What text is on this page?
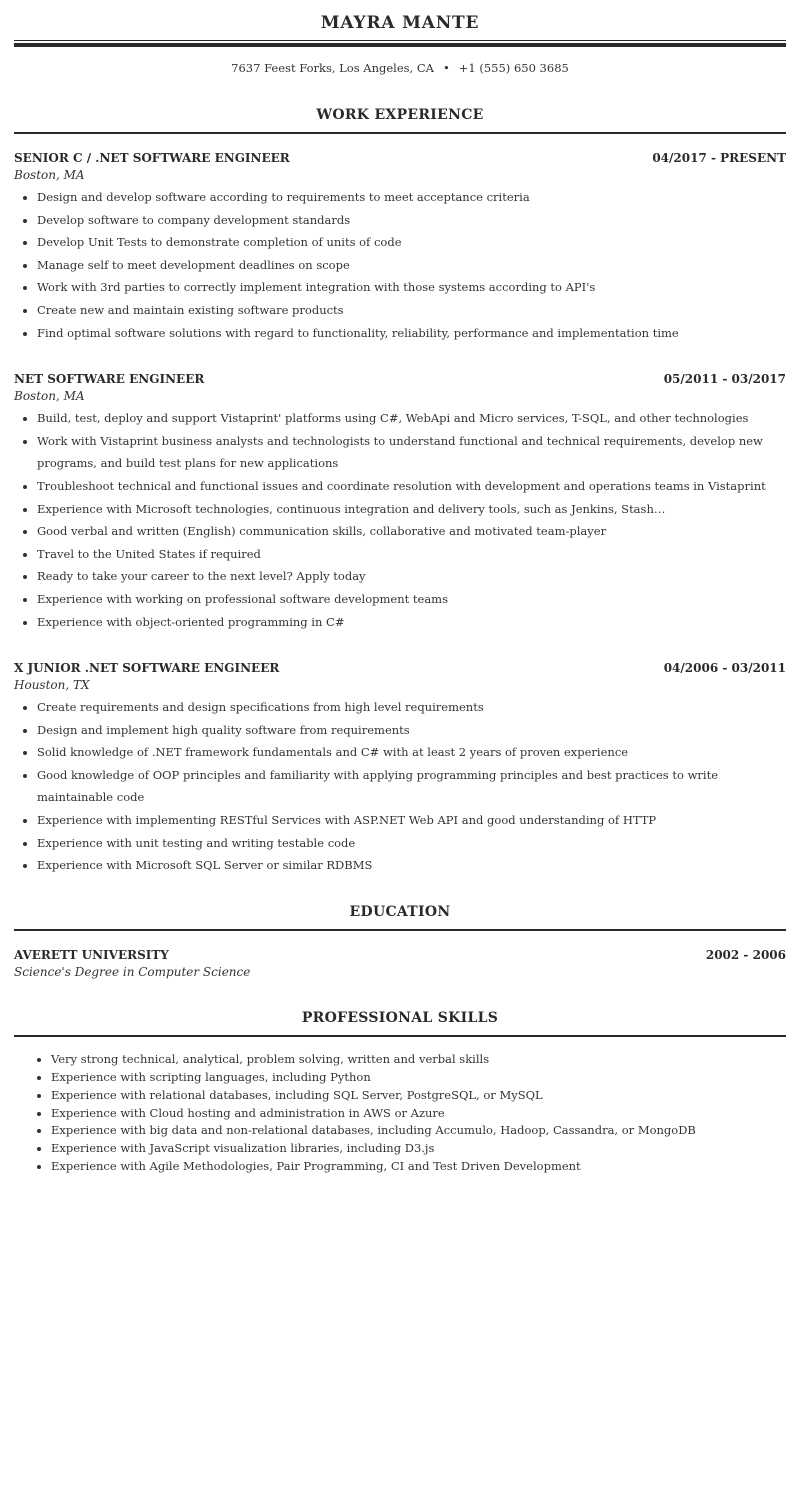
MAYRA MANTE
7637 Feest Forks, Los Angeles, CA • +1 (555) 650 3685
WORK EXPERIENCE
SENIOR C / .NET SOFTWARE ENGINEER	04/2017 - PRESENT
Boston, MA
• Design and develop software according to requirements to meet acceptance criteria
• Develop software to company development standards
• Develop Unit Tests to demonstrate completion of units of code
• Manage self to meet development deadlines on scope
• Work with 3rd parties to correctly implement integration with those systems according to API's
• Create new and maintain existing software products
• Find optimal software solutions with regard to functionality, reliability, performance and implementation time
NET SOFTWARE ENGINEER	05/2011 - 03/2017
Boston, MA
• Build, test, deploy and support Vistaprint' platforms using C#, WebApi and Micro services, T-SQL, and other technologies
• Work with Vistaprint business analysts and technologists to understand functional and technical requirements, develop new programs, and build test plans for new applications
• Troubleshoot technical and functional issues and coordinate resolution with development and operations teams in Vistaprint
• Experience with Microsoft technologies, continuous integration and delivery tools, such as Jenkins, Stash…
• Good verbal and written (English) communication skills, collaborative and motivated team-player
• Travel to the United States if required
• Ready to take your career to the next level? Apply today
• Experience with working on professional software development teams
• Experience with object-oriented programming in C#
X JUNIOR .NET SOFTWARE ENGINEER	04/2006 - 03/2011
Houston, TX
• Create requirements and design specifications from high level requirements
• Design and implement high quality software from requirements
• Solid knowledge of .NET framework fundamentals and C# with at least 2 years of proven experience
• Good knowledge of OOP principles and familiarity with applying programming principles and best practices to write maintainable code
• Experience with implementing RESTful Services with ASP.NET Web API and good understanding of HTTP
• Experience with unit testing and writing testable code
• Experience with Microsoft SQL Server or similar RDBMS
EDUCATION
AVERETT UNIVERSITY	2002 - 2006
Science's Degree in Computer Science
PROFESSIONAL SKILLS
• Very strong technical, analytical, problem solving, written and verbal skills
• Experience with scripting languages, including Python
• Experience with relational databases, including SQL Server, PostgreSQL, or MySQL
• Experience with Cloud hosting and administration in AWS or Azure
• Experience with big data and non-relational databases, including Accumulo, Hadoop, Cassandra, or MongoDB
• Experience with JavaScript visualization libraries, including D3.js
• Experience with Agile Methodologies, Pair Programming, CI and Test Driven Development
